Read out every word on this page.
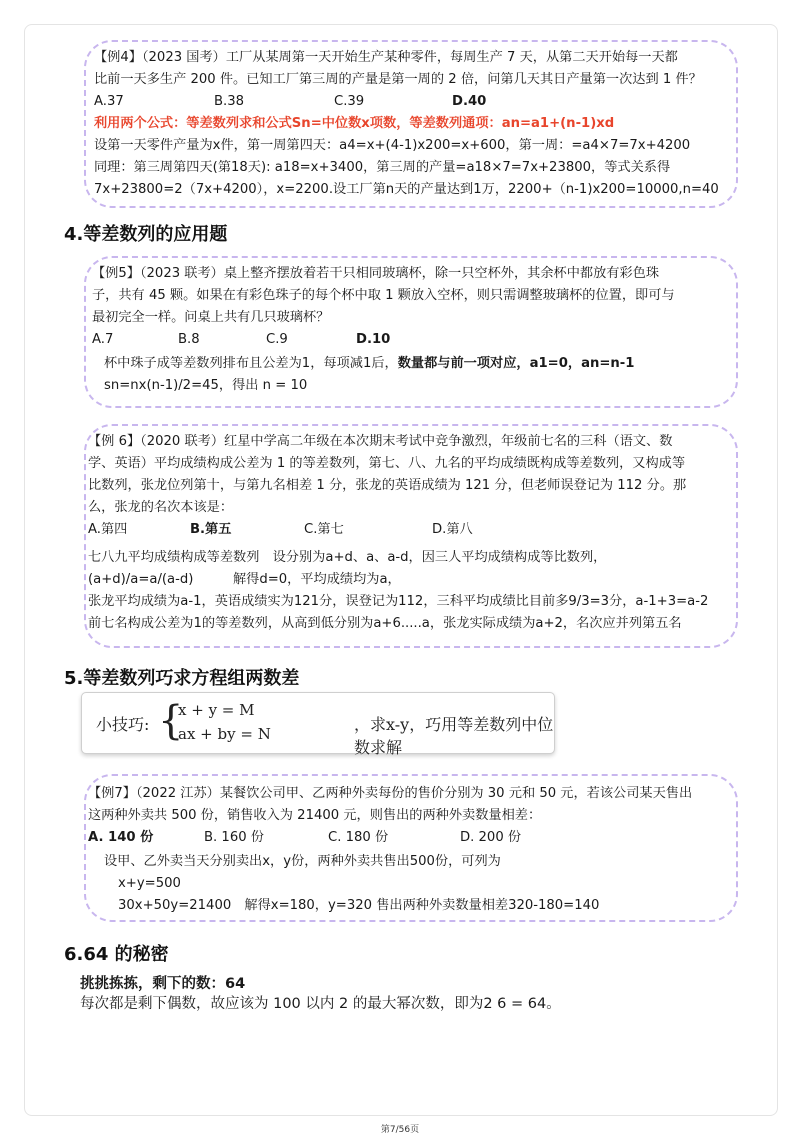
【例4】（2023 国考）工厂从某周第一天开始生产某种零件，每周生产 7 天，从第二天开始每一天都
比前一天多生产 200 件。已知工厂第三周的产量是第一周的 2 倍，问第几天其日产量第一次达到 1 件？
A.37	B.38	C.39	D.40
利用两个公式：等差数列求和公式Sn=中位数x项数，等差数列通项：an=a1+(n-1)xd
设第一天零件产量为x件，第一周第四天：a4=x+(4-1)x200=x+600，第一周：=a4×7=7x+4200
同理：第三周第四天(第18天): a18=x+3400，第三周的产量=a18×7=7x+23800，等式关系得
7x+23800=2（7x+4200），x=2200.设工厂第n天的产量达到1万，2200+（n-1)x200=10000,n=40
4.等差数列的应用题
【例5】（2023 联考）桌上整齐摆放着若干只相同玻璃杯，除一只空杯外，其余杯中都放有彩色珠
子，共有 45 颗。如果在有彩色珠子的每个杯中取 1 颗放入空杯，则只需调整玻璃杯的位置，即可与
最初完全一样。问桌上共有几只玻璃杯？
A.7	B.8	C.9	D.10
杯中珠子成等差数列排布且公差为1，每项减1后，数量都与前一项对应，a1=0，an=n-1
sn=nx(n-1)/2=45，得出 n = 10
【例 6】（2020 联考）红星中学高二年级在本次期末考试中竞争激烈，年级前七名的三科（语文、数
学、英语）平均成绩构成公差为 1 的等差数列，第七、八、九名的平均成绩既构成等差数列，又构成等
比数列，张龙位列第十，与第九名相差 1 分，张龙的英语成绩为 121 分，但老师误登记为 112 分。那
么，张龙的名次本该是：
A.第四	B.第五	C.第七	D.第八
七八九平均成绩构成等差数列　设分别为a+d、a、a-d，因三人平均成绩构成等比数列，
(a+d)/a=a/(a-d)　　　解得d=0，平均成绩均为a，
张龙平均成绩为a-1，英语成绩实为121分，误登记为112，三科平均成绩比目前多9/3=3分，a-1+3=a-2
前七名构成公差为1的等差数列，从高到低分别为a+6.....a，张龙实际成绩为a+2，名次应并列第五名
5.等差数列巧求方程组两数差
小技巧: {
x + y = M
ax + by = N	，求x-y，巧用等差数列中位数求解
【例7】（2022 江苏）某餐饮公司甲、乙两种外卖每份的售价分别为 30 元和 50 元，若该公司某天售出
这两种外卖共 500 份，销售收入为 21400 元，则售出的两种外卖数量相差：
A. 140 份	B. 160 份	C. 180 份	D. 200 份
设甲、乙外卖当天分别卖出x，y份，两种外卖共售出500份，可列为
x+y=500
30x+50y=21400　解得x=180，y=320 售出两种外卖数量相差320-180=140
6.64 的秘密
挑挑拣拣，剩下的数：64
每次都是剩下偶数，故应该为 100 以内 2 的最大幂次数，即为2 6 = 64。
第7/56页
